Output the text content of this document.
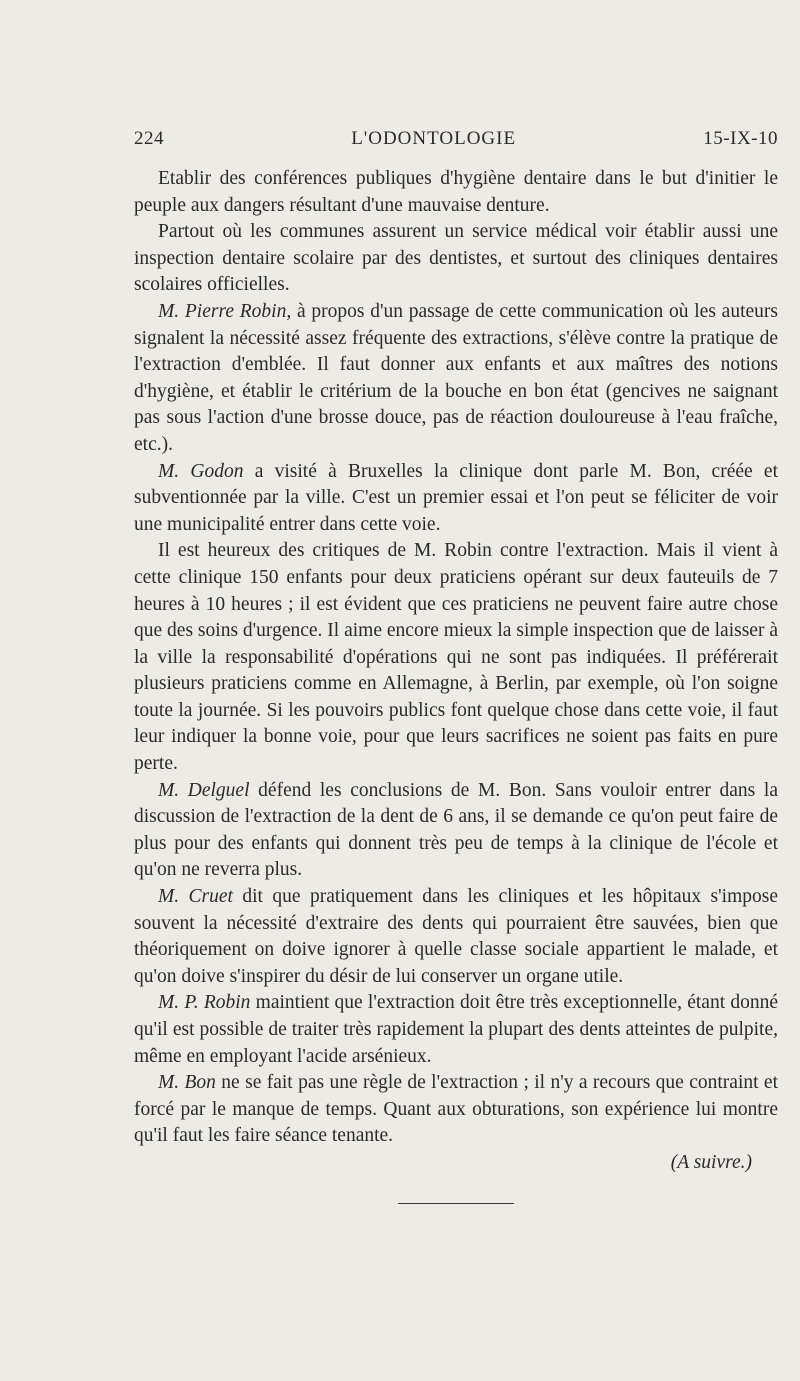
224	L'ODONTOLOGIE	15-IX-10

Etablir des conférences publiques d'hygiène dentaire dans le but d'initier le peuple aux dangers résultant d'une mauvaise denture.

Partout où les communes assurent un service médical voir établir aussi une inspection dentaire scolaire par des dentistes, et surtout des cliniques dentaires scolaires officielles.

M. Pierre Robin, à propos d'un passage de cette communication où les auteurs signalent la nécessité assez fréquente des extractions, s'élève contre la pratique de l'extraction d'emblée. Il faut donner aux enfants et aux maîtres des notions d'hygiène, et établir le critérium de la bouche en bon état (gencives ne saignant pas sous l'action d'une brosse douce, pas de réaction douloureuse à l'eau fraîche, etc.).

M. Godon a visité à Bruxelles la clinique dont parle M. Bon, créée et subventionnée par la ville. C'est un premier essai et l'on peut se féliciter de voir une municipalité entrer dans cette voie.

Il est heureux des critiques de M. Robin contre l'extraction. Mais il vient à cette clinique 150 enfants pour deux praticiens opérant sur deux fauteuils de 7 heures à 10 heures ; il est évident que ces praticiens ne peuvent faire autre chose que des soins d'urgence. Il aime encore mieux la simple inspection que de laisser à la ville la responsabilité d'opérations qui ne sont pas indiquées. Il préférerait plusieurs praticiens comme en Allemagne, à Berlin, par exemple, où l'on soigne toute la journée. Si les pouvoirs publics font quelque chose dans cette voie, il faut leur indiquer la bonne voie, pour que leurs sacrifices ne soient pas faits en pure perte.

M. Delguel défend les conclusions de M. Bon. Sans vouloir entrer dans la discussion de l'extraction de la dent de 6 ans, il se demande ce qu'on peut faire de plus pour des enfants qui donnent très peu de temps à la clinique de l'école et qu'on ne reverra plus.

M. Cruet dit que pratiquement dans les cliniques et les hôpitaux s'impose souvent la nécessité d'extraire des dents qui pourraient être sauvées, bien que théoriquement on doive ignorer à quelle classe sociale appartient le malade, et qu'on doive s'inspirer du désir de lui conserver un organe utile.

M. P. Robin maintient que l'extraction doit être très exceptionnelle, étant donné qu'il est possible de traiter très rapidement la plupart des dents atteintes de pulpite, même en employant l'acide arsénieux.

M. Bon ne se fait pas une règle de l'extraction ; il n'y a recours que contraint et forcé par le manque de temps. Quant aux obturations, son expérience lui montre qu'il faut les faire séance tenante.

(A suivre.)
